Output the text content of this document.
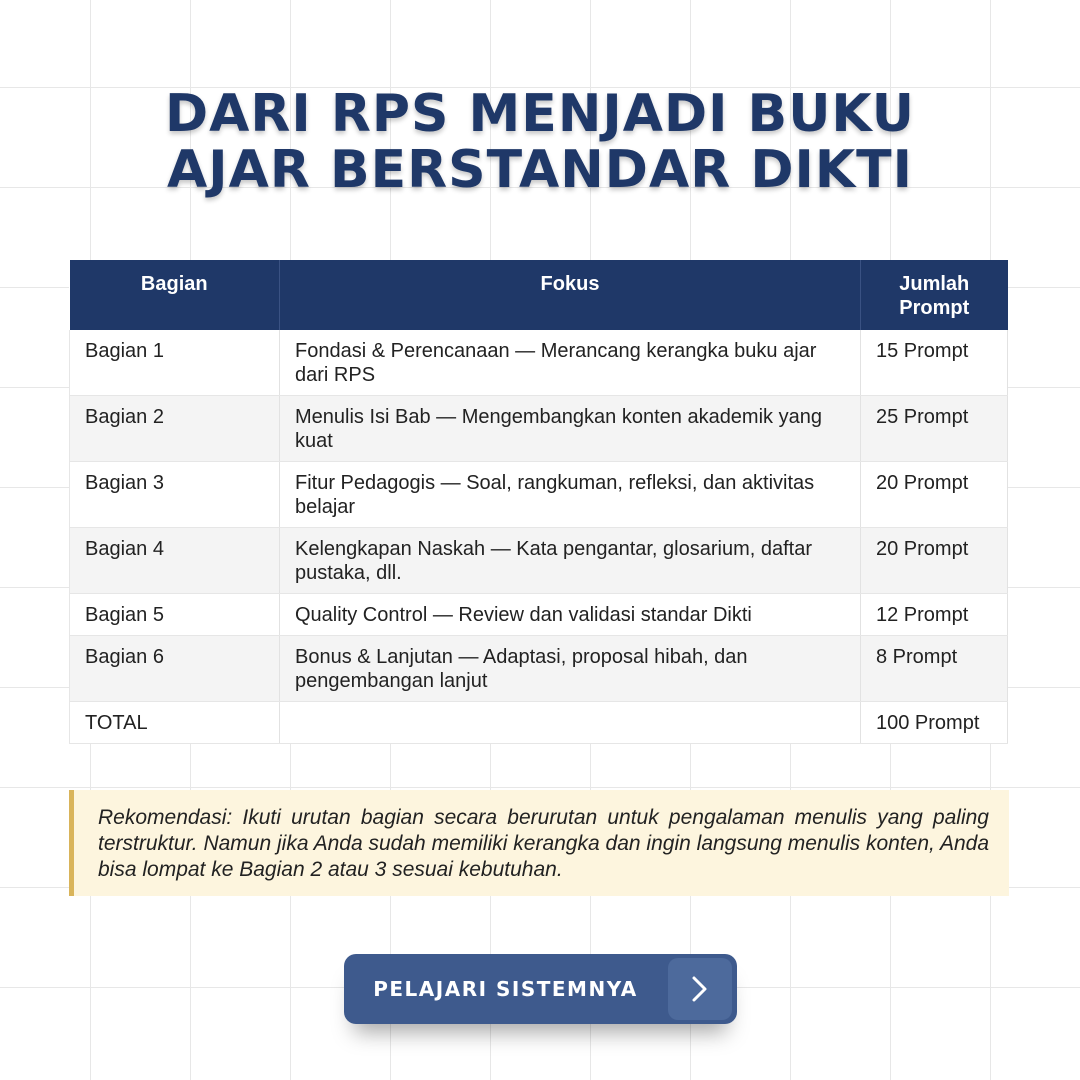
DARI RPS MENJADI BUKU
AJAR BERSTANDAR DIKTI
Bagian	Fokus	Jumlah Prompt
Bagian 1	Fondasi & Perencanaan — Merancang kerangka buku ajar dari RPS	15 Prompt
Bagian 2	Menulis Isi Bab — Mengembangkan konten akademik yang kuat	25 Prompt
Bagian 3	Fitur Pedagogis — Soal, rangkuman, refleksi, dan aktivitas belajar	20 Prompt
Bagian 4	Kelengkapan Naskah — Kata pengantar, glosarium, daftar pustaka, dll.	20 Prompt
Bagian 5	Quality Control — Review dan validasi standar Dikti	12 Prompt
Bagian 6	Bonus & Lanjutan — Adaptasi, proposal hibah, dan pengembangan lanjut	8 Prompt
TOTAL		100 Prompt

Rekomendasi: Ikuti urutan bagian secara berurutan untuk pengalaman menulis yang paling terstruktur. Namun jika Anda sudah memiliki kerangka dan ingin langsung menulis konten, Anda bisa lompat ke Bagian 2 atau 3 sesuai kebutuhan.

PELAJARI SISTEMNYA
